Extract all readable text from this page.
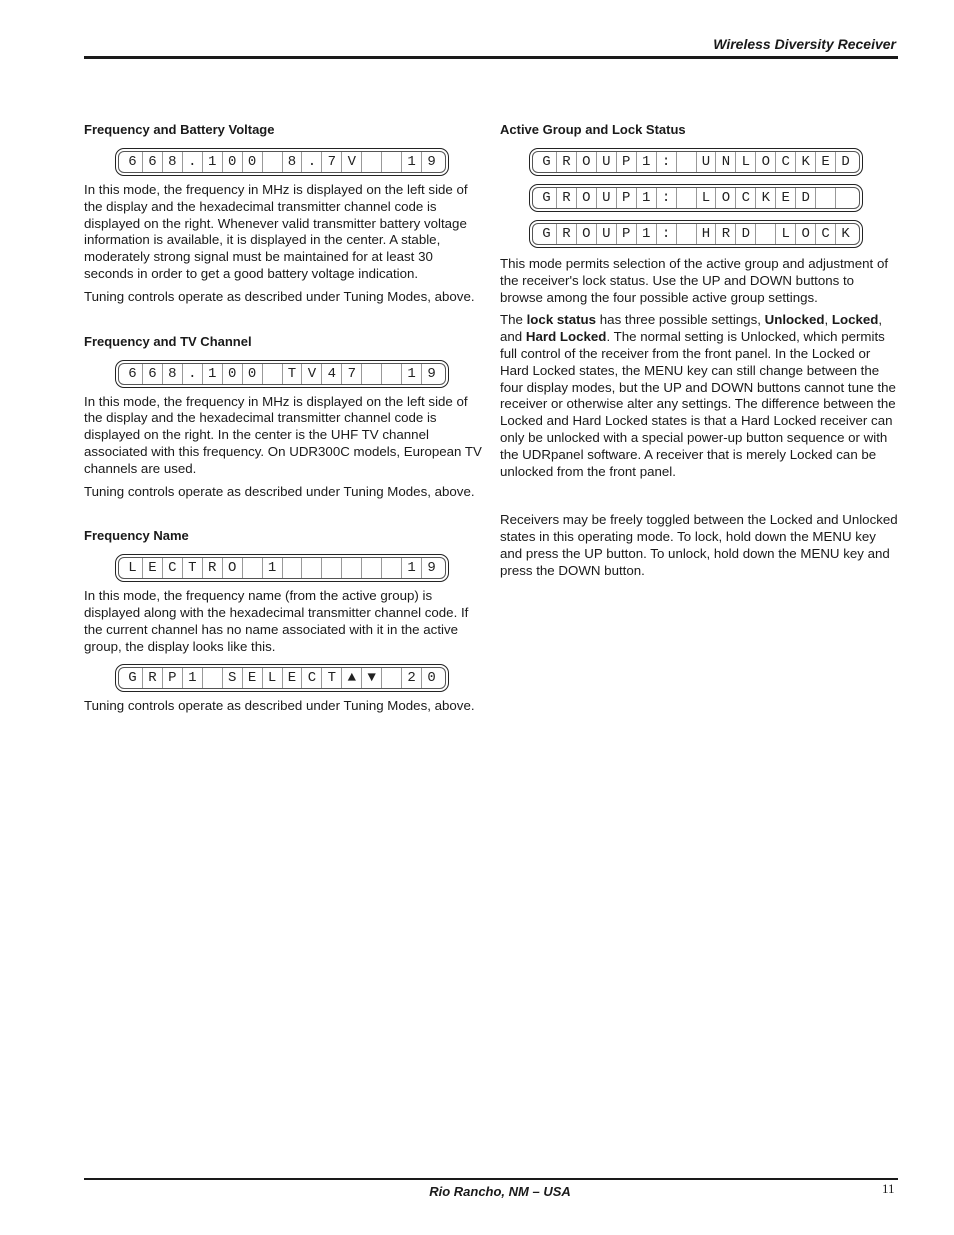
Wireless Diversity Receiver
Frequency and Battery Voltage
6 6 8 . 1 0 0	8 . 7 V	1 9

In this mode, the frequency in MHz is displayed on the left side of the display and the hexadecimal transmitter channel code is displayed on the right. Whenever valid transmitter battery voltage information is available, it is displayed in the center. A stable, moderately strong signal must be maintained for at least 30 seconds in order to get a good battery voltage indication.

Tuning controls operate as described under Tuning Modes, above.

Frequency and TV Channel
6 6 8 . 1 0 0	T V 4 7	1 9

In this mode, the frequency in MHz is displayed on the left side of the display and the hexadecimal transmitter channel code is displayed on the right. In the center is the UHF TV channel associated with this frequency. On UDR300C models, European TV channels are used.

Tuning controls operate as described under Tuning Modes, above.

Frequency Name
L E C T R O	1	1 9

In this mode, the frequency name (from the active group) is displayed along with the hexadecimal transmitter channel code. If the current channel has no name associated with it in the active group, the display looks like this.

G R P 1	S E L E C T ▲ ▼	2 0

Tuning controls operate as described under Tuning Modes, above.

Active Group and Lock Status
G R O U P 1 :	U N L O C K E D
G R O U P 1 :	L O C K E D
G R O U P 1 :	H R D	L O C K

This mode permits selection of the active group and adjustment of the receiver's lock status. Use the UP and DOWN buttons to browse among the four possible active group settings.

The lock status has three possible settings, Unlocked, Locked, and Hard Locked. The normal setting is Unlocked, which permits full control of the receiver from the front panel. In the Locked or Hard Locked states, the MENU key can still change between the four display modes, but the UP and DOWN buttons cannot tune the receiver or otherwise alter any settings. The difference between the Locked and Hard Locked states is that a Hard Locked receiver can only be unlocked with a special power-up button sequence or with the UDRpanel software. A receiver that is merely Locked can be unlocked from the front panel.

Receivers may be freely toggled between the Locked and Unlocked states in this operating mode. To lock, hold down the MENU key and press the UP button. To unlock, hold down the MENU key and press the DOWN button.

Rio Rancho, NM – USA	11
